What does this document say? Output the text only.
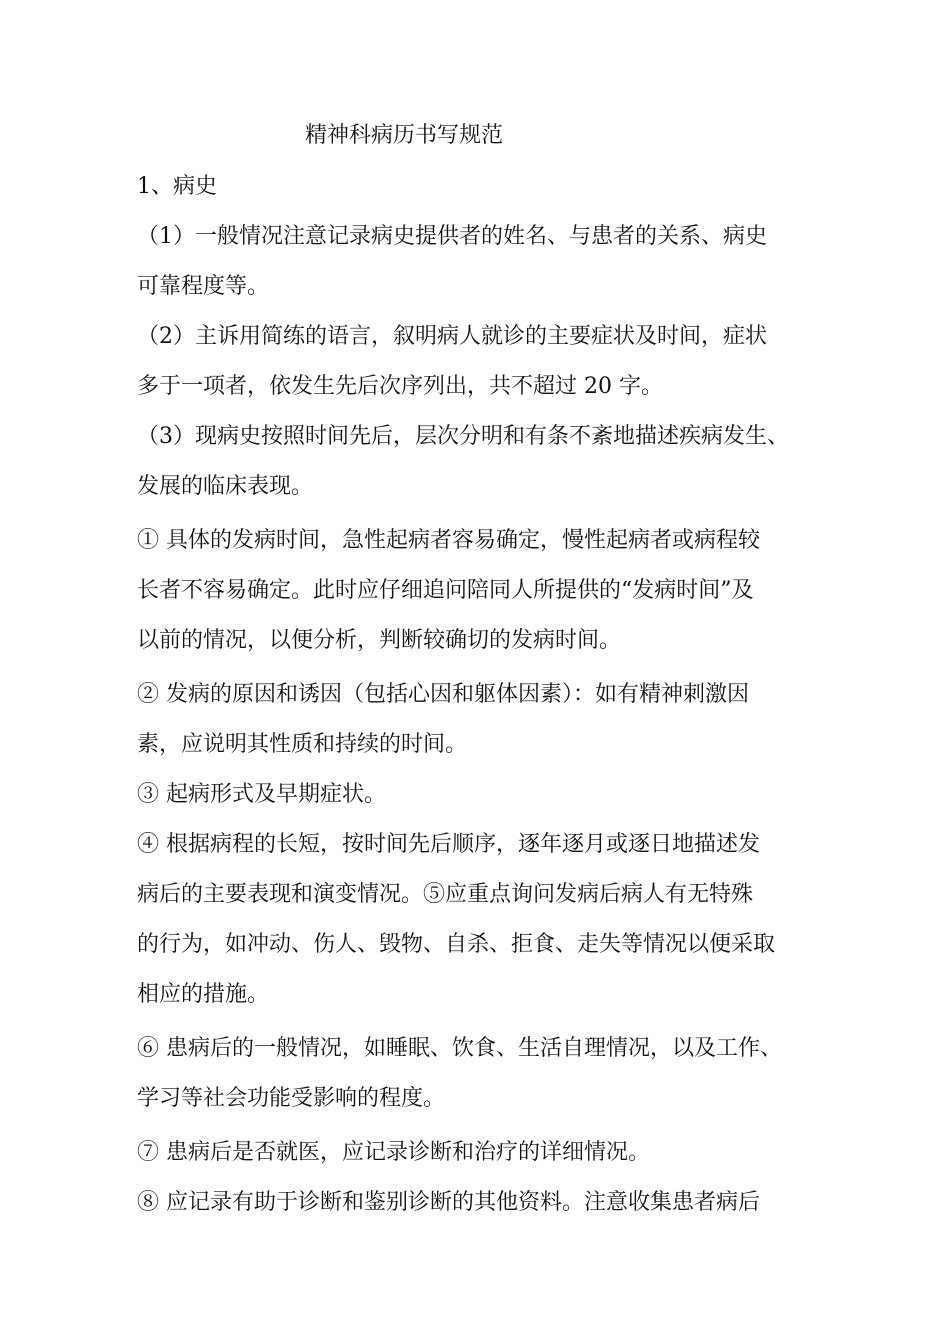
精神科病历书写规范
1、病史
（1）一般情况注意记录病史提供者的姓名、与患者的关系、病史
可靠程度等。
（2）主诉用简练的语言，叙明病人就诊的主要症状及时间，症状
多于一项者，依发生先后次序列出，共不超过 20 字。
（3）现病史按照时间先后，层次分明和有条不紊地描述疾病发生、
发展的临床表现。
① 具体的发病时间，急性起病者容易确定，慢性起病者或病程较
长者不容易确定。此时应仔细追问陪同人所提供的“发病时间”及
以前的情况，以便分析，判断较确切的发病时间。
② 发病的原因和诱因（包括心因和躯体因素）：如有精神刺激因
素，应说明其性质和持续的时间。
③ 起病形式及早期症状。
④ 根据病程的长短，按时间先后顺序，逐年逐月或逐日地描述发
病后的主要表现和演变情况。⑤应重点询问发病后病人有无特殊
的行为，如冲动、伤人、毁物、自杀、拒食、走失等情况以便采取
相应的措施。
⑥ 患病后的一般情况，如睡眠、饮食、生活自理情况，以及工作、
学习等社会功能受影响的程度。
⑦ 患病后是否就医，应记录诊断和治疗的详细情况。
⑧ 应记录有助于诊断和鉴别诊断的其他资料。注意收集患者病后
